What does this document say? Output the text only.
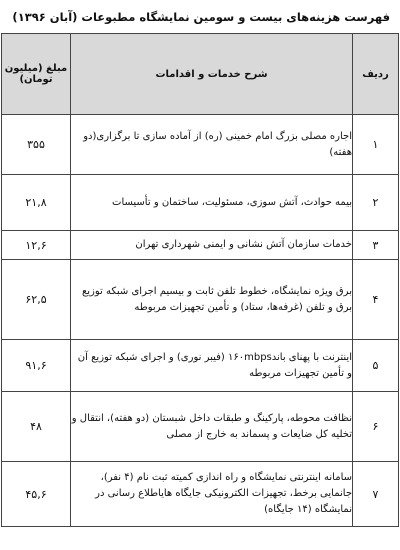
فهرست هزینه‌های بیست و سومین نمایشگاه مطبوعات (آبان ۱۳۹۶)
ردیف	شرح خدمات و اقدامات	مبلغ (میلیون تومان)
۱	اجاره مصلی بزرگ امام خمینی (ره) از آماده سازی تا برگزاری(دو هفته)	۳۵۵
۲	بیمه حوادث، آتش سوزی، مسئولیت، ساختمان و تأسیسات	۲۱,۸
۳	خدمات سازمان آتش نشانی و ایمنی شهرداری تهران	۱۲,۶
۴	برق ویژه نمایشگاه، خطوط تلفن ثابت و بیسیم اجرای شبکه توزیع برق و تلفن (غرفه‌ها، ستاد) و تأمین تجهیزات مربوطه	۶۲,۵
۵	اینترنت با پهنای باند۱۶۰mbps (فیبر نوری) و اجرای شبکه توزیع آن و تأمین تجهیزات مربوطه	۹۱,۶
۶	نظافت محوطه، پارکینگ و طبقات داخل شبستان (دو هفته)، انتقال و تخلیه کل ضایعات و پسماند به خارج از مصلی	۴۸
۷	سامانه اینترنتی نمایشگاه و راه اندازی کمیته ثبت نام (۴ نفر)، جانمایی برخط، تجهیزات الکترونیکی جایگاه هایاطلاع رسانی در نمایشگاه (۱۴ جایگاه)	۴۵,۶
